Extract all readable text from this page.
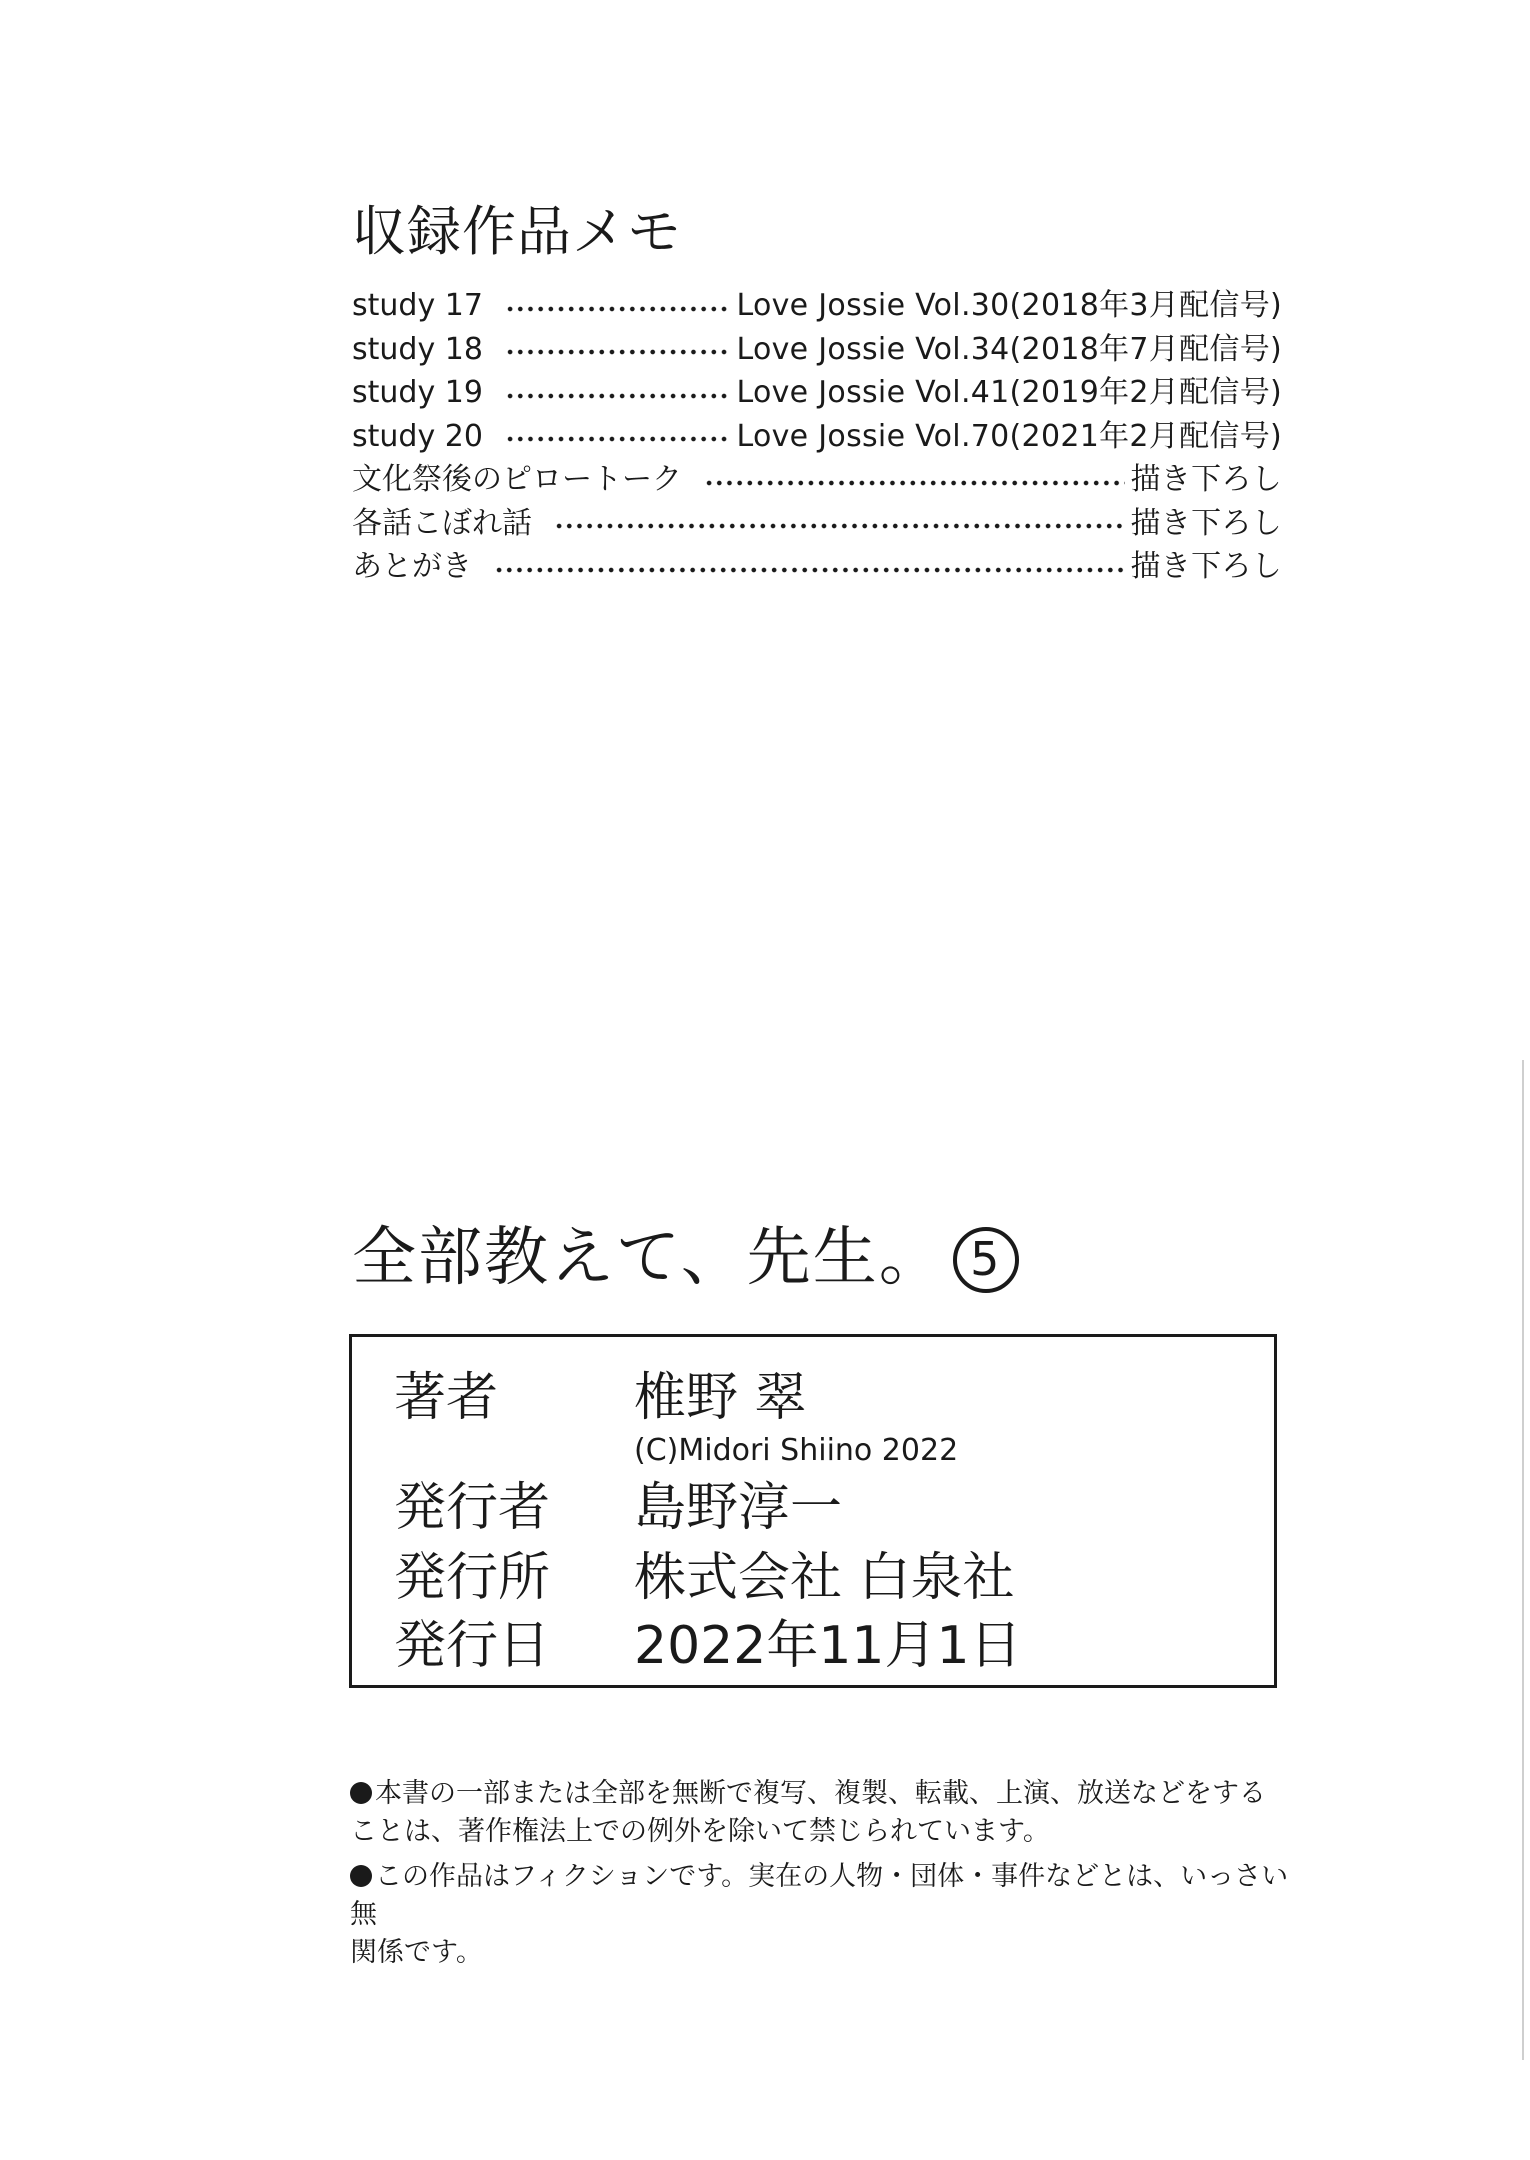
収録作品メモ
study 17	Love Jossie Vol.30(2018年3月配信号)
study 18	Love Jossie Vol.34(2018年7月配信号)
study 19	Love Jossie Vol.41(2019年2月配信号)
study 20	Love Jossie Vol.70(2021年2月配信号)
文化祭後のピロートーク	描き下ろし
各話こぼれ話	描き下ろし
あとがき	描き下ろし
全部教えて、先生。 5
著者	椎野 翠
(C)Midori Shiino 2022
発行者 島野淳一
発行所 株式会社 白泉社
発行日 2022年11月1日
本書の一部または全部を無断で複写、複製、転載、上演、放送などをする
ことは、著作権法上での例外を除いて禁じられています。
この作品はフィクションです。実在の人物・団体・事件などとは、いっさい無
関係です。
